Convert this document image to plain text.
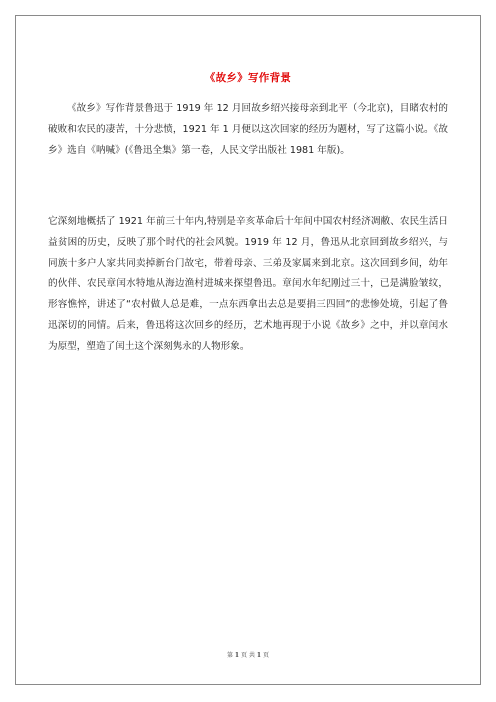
《故乡》写作背景

《故乡》写作背景鲁迅于 1919 年 12 月回故乡绍兴接母亲到北平（今北京)，目睹农村的破败和农民的凄苦，十分悲愤，1921 年 1 月便以这次回家的经历为题材，写了这篇小说。《故乡》选自《呐喊》(《鲁迅全集》第一卷，人民文学出版社 1981 年版)。

它深刻地概括了 1921 年前三十年内,特别是辛亥革命后十年间中国农村经济凋敝、农民生活日益贫困的历史，反映了那个时代的社会风貌。1919 年 12 月，鲁迅从北京回到故乡绍兴，与同族十多户人家共同卖掉新台门故宅，带着母亲、三弟及家属来到北京。这次回到乡间，幼年的伙伴、农民章闰水特地从海边渔村进城来探望鲁迅。章闰水年纪刚过三十，已是满脸皱纹，形容憔悴，讲述了“农村做人总是难，一点东西拿出去总是要捐三四回”的悲惨处境，引起了鲁迅深切的同情。后来，鲁迅将这次回乡的经历，艺术地再现于小说《故乡》之中，并以章闰水为原型，塑造了闰土这个深刻隽永的人物形象。

第 1 页 共 1 页
